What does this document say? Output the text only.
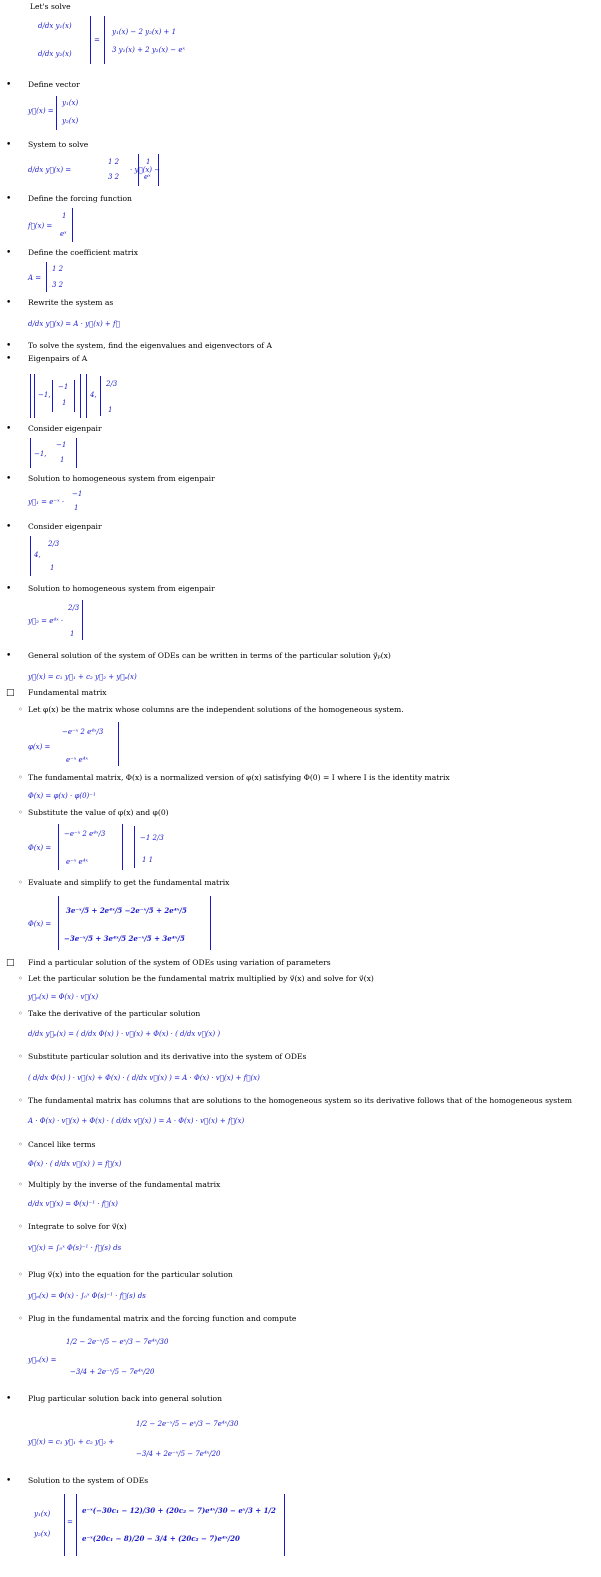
Let's solve
d/dx y₁(x)
d/dx y₂(x)
=
y₁(x) − 2 y₂(x) + 1
3 y₁(x) + 2 y₂(x) − eˣ
• Define vector
y⃗(x) =
y₁(x)
y₂(x)
• System to solve
d/dx y⃗(x) =
1 2
3 2
· y⃗(x) −
1
eˣ
• Define the forcing function
f⃗(x) =
1
eˣ
• Define the coefficient matrix
A =
1 2
3 2
• Rewrite the system as
d/dx y⃗(x) = A · y⃗(x) + f⃗
• To solve the system, find the eigenvalues and eigenvectors of A
• Eigenpairs of A
−1,
−1
1
4,
2/3
1
• Consider eigenpair
−1,
−1
1
• Solution to homogeneous system from eigenpair
y⃗₁ = e⁻ˣ ·
−1
1
• Consider eigenpair
4,
2/3
1
• Solution to homogeneous system from eigenpair
y⃗₂ = e⁴ˣ ·
2/3
1
• General solution of the system of ODEs can be written in terms of the particular solution y⃗ₚ(x)
y⃗(x) = c₁ y⃗₁ + c₂ y⃗₂ + y⃗ₚ(x)
□ Fundamental matrix
◦ Let φ(x) be the matrix whose columns are the independent solutions of the homogeneous system.
φ(x) =
−e⁻ˣ 2 e⁴ˣ/3
e⁻ˣ e⁴ˣ
◦ The fundamental matrix, Φ(x) is a normalized version of φ(x) satisfying Φ(0) = I where I is the identity matrix
Φ(x) = φ(x) · φ(0)⁻¹
◦ Substitute the value of φ(x) and φ(0)
Φ(x) =
−e⁻ˣ 2 e⁴ˣ/3
e⁻ˣ e⁴ˣ
−1 2/3
1 1
◦ Evaluate and simplify to get the fundamental matrix
Φ(x) =
3e⁻ˣ/5 + 2e⁴ˣ/5 −2e⁻ˣ/5 + 2e⁴ˣ/5
−3e⁻ˣ/5 + 3e⁴ˣ/5 2e⁻ˣ/5 + 3e⁴ˣ/5
□ Find a particular solution of the system of ODEs using variation of parameters
◦ Let the particular solution be the fundamental matrix multiplied by v⃗(x) and solve for v⃗(x)
y⃗ₚ(x) = Φ(x) · v⃗(x)
◦ Take the derivative of the particular solution
d/dx y⃗ₚ(x) = ( d/dx Φ(x) ) · v⃗(x) + Φ(x) · ( d/dx v⃗(x) )
◦ Substitute particular solution and its derivative into the system of ODEs
( d/dx Φ(x) ) · v⃗(x) + Φ(x) · ( d/dx v⃗(x) ) = A · Φ(x) · v⃗(x) + f⃗(x)
◦ The fundamental matrix has columns that are solutions to the homogeneous system so its derivative follows that of the homogeneous system
A · Φ(x) · v⃗(x) + Φ(x) · ( d/dx v⃗(x) ) = A · Φ(x) · v⃗(x) + f⃗(x)
◦ Cancel like terms
Φ(x) · ( d/dx v⃗(x) ) = f⃗(x)
◦ Multiply by the inverse of the fundamental matrix
d/dx v⃗(x) = Φ(x)⁻¹ · f⃗(x)
◦ Integrate to solve for v⃗(x)
v⃗(x) = ∫₀ˣ Φ(s)⁻¹ · f⃗(s) ds
◦ Plug v⃗(x) into the equation for the particular solution
y⃗ₚ(x) = Φ(x) · ∫₀ˣ Φ(s)⁻¹ · f⃗(s) ds
◦ Plug in the fundamental matrix and the forcing function and compute
y⃗ₚ(x) =
1/2 − 2e⁻ˣ/5 − eˣ/3 − 7e⁴ˣ/30
−3/4 + 2e⁻ˣ/5 − 7e⁴ˣ/20
• Plug particular solution back into general solution
y⃗(x) = c₁ y⃗₁ + c₂ y⃗₂ +
1/2 − 2e⁻ˣ/5 − eˣ/3 − 7e⁴ˣ/30
−3/4 + 2e⁻ˣ/5 − 7e⁴ˣ/20
• Solution to the system of ODEs
y₁(x)
y₂(x)
=
e⁻ˣ(−30c₁ − 12)/30 + (20c₂ − 7)e⁴ˣ/30 − eˣ/3 + 1/2
e⁻ˣ(20c₁ − 8)/20 − 3/4 + (20c₂ − 7)e⁴ˣ/20
